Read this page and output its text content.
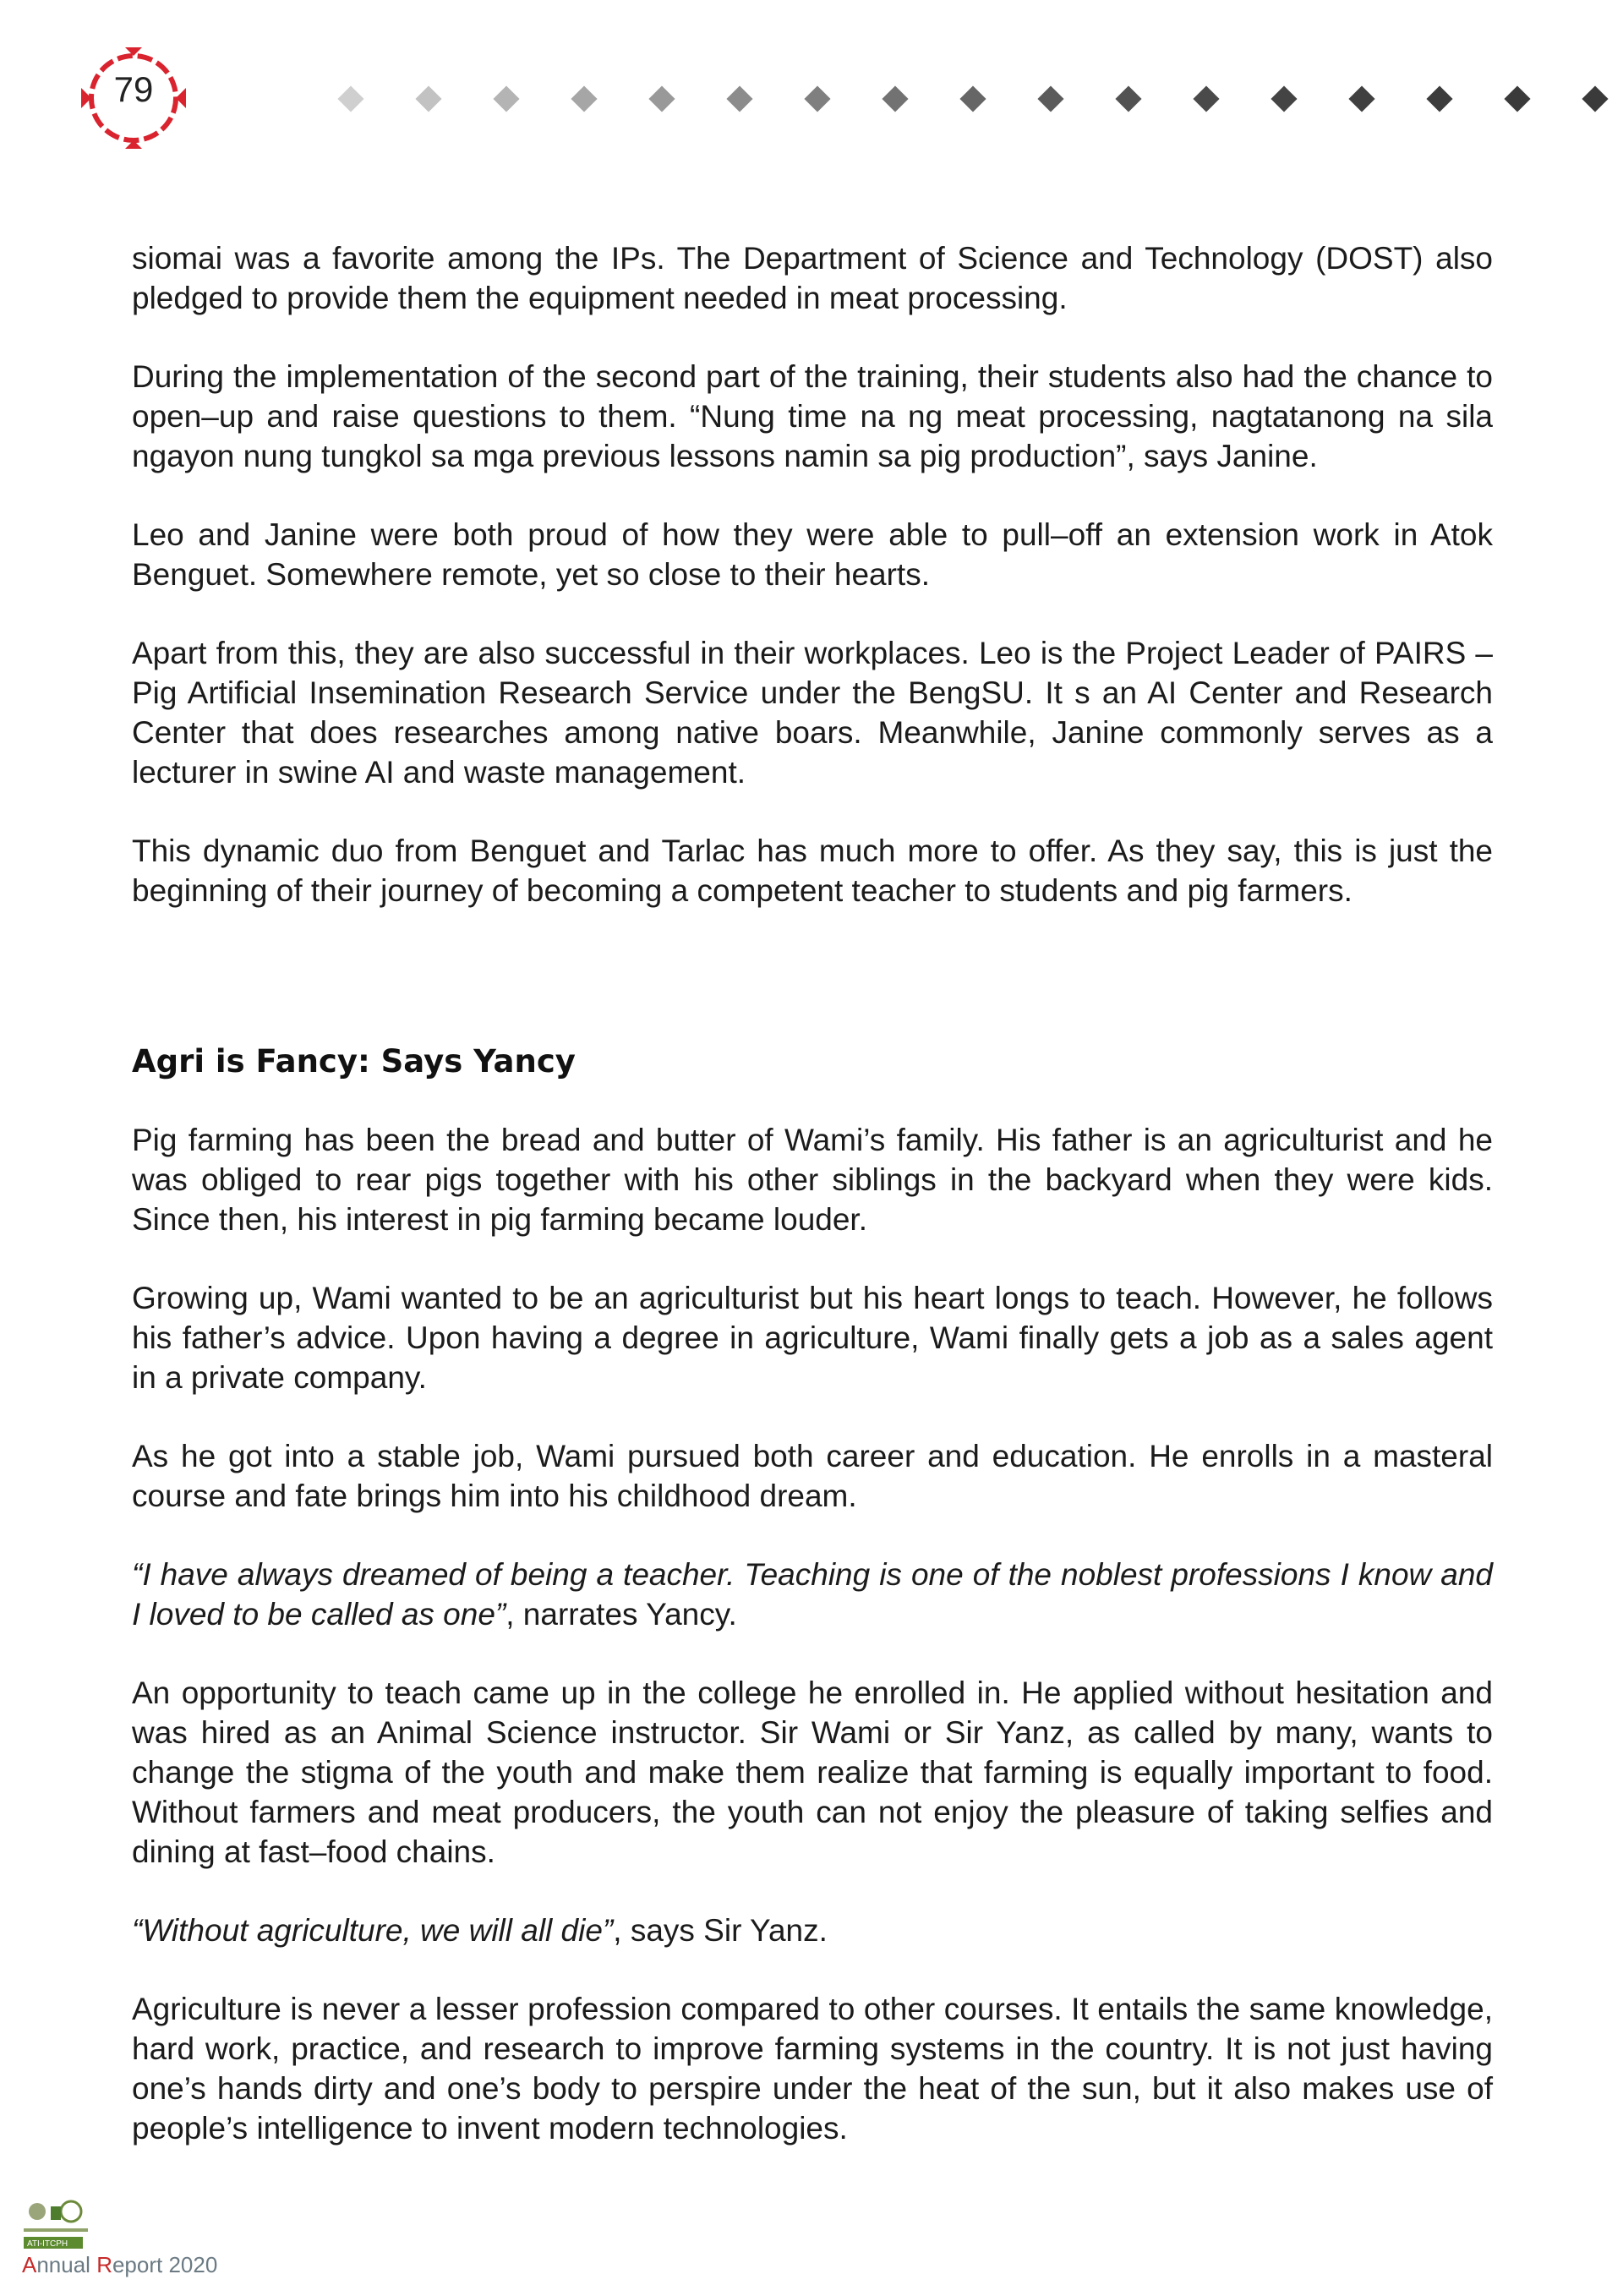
79

siomai was a favorite among the IPs. The Department of Science and Technology (DOST) also pledged to provide them the equipment needed in meat processing.

During the implementation of the second part of the training, their students also had the chance to open–up and raise questions to them. “Nung time na ng meat processing, nagtatanong na sila ngayon nung tungkol sa mga previous lessons namin sa pig production”, says Janine.

Leo and Janine were both proud of how they were able to pull–off an extension work in Atok Benguet. Somewhere remote, yet so close to their hearts.

Apart from this, they are also successful in their workplaces. Leo is the Project Leader of PAIRS – Pig Artificial Insemination Research Service under the BengSU. It s an AI Center and Research Center that does researches among native boars. Meanwhile, Janine commonly serves as a lecturer in swine AI and waste management.

This dynamic duo from Benguet and Tarlac has much more to offer. As they say, this is just the beginning of their journey of becoming a competent teacher to students and pig farmers.

Agri is Fancy: Says Yancy

Pig farming has been the bread and butter of Wami’s family. His father is an agriculturist and he was obliged to rear pigs together with his other siblings in the backyard when they were kids. Since then, his interest in pig farming became louder.

Growing up, Wami wanted to be an agriculturist but his heart longs to teach. However, he follows his father’s advice. Upon having a degree in agriculture, Wami finally gets a job as a sales agent in a private company.

As he got into a stable job, Wami pursued both career and education. He enrolls in a masteral course and fate brings him into his childhood dream.

“I have always dreamed of being a teacher. Teaching is one of the noblest professions I know and I loved to be called as one”, narrates Yancy.

An opportunity to teach came up in the college he enrolled in. He applied without hesitation and was hired as an Animal Science instructor. Sir Wami or Sir Yanz, as called by many, wants to change the stigma of the youth and make them realize that farming is equally important to food. Without farmers and meat producers, the youth can not enjoy the pleasure of taking selfies and dining at fast–food chains.

“Without agriculture, we will all die”, says Sir Yanz.

Agriculture is never a lesser profession compared to other courses. It entails the same knowledge, hard work, practice, and research to improve farming systems in the country. It is not just having one’s hands dirty and one’s body to perspire under the heat of the sun, but it also makes use of people’s intelligence to invent modern technologies.

ATI-ITCPH
Annual Report 2020
